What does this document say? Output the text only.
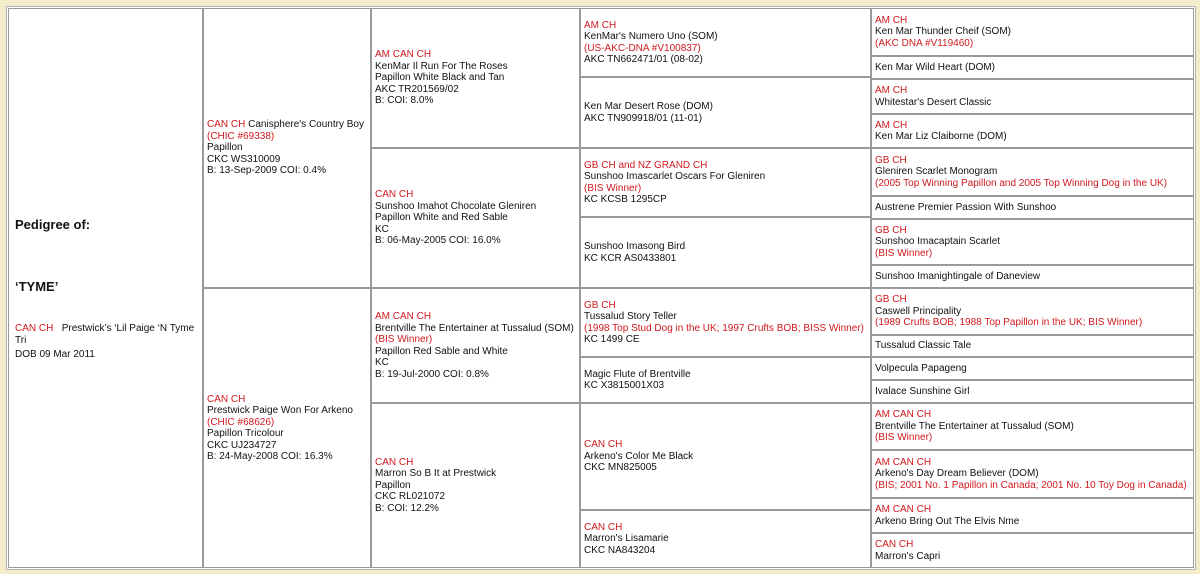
Pedigree of:
‘TYME’
CAN CH Prestwick’s ‘Lil Paige ‘N Tyme
Tri
DOB 09 Mar 2011
CAN CH Canisphere's Country Boy
(CHIC #69338)
Papillon
CKC WS310009
B: 13-Sep-2009 COI: 0.4%
CAN CH
Prestwick Paige Won For Arkeno
(CHIC #68626)
Papillon Tricolour
CKC UJ234727
B: 24-May-2008 COI: 16.3%
AM CAN CH
KenMar Il Run For The Roses
Papillon White Black and Tan
AKC TR201569/02
B: COI: 8.0%
CAN CH
Sunshoo Imahot Chocolate Gleniren
Papillon White and Red Sable
KC
B: 06-May-2005 COI: 16.0%
AM CAN CH
Brentville The Entertainer at Tussalud (SOM)
(BIS Winner)
Papillon Red Sable and White
KC
B: 19-Jul-2000 COI: 0.8%
CAN CH
Marron So B It at Prestwick
Papillon
CKC RL021072
B: COI: 12.2%
AM CH
KenMar's Numero Uno (SOM)
(US-AKC-DNA #V100837)
AKC TN662471/01 (08-02)
Ken Mar Desert Rose (DOM)
AKC TN909918/01 (11-01)
GB CH and NZ GRAND CH
Sunshoo Imascarlet Oscars For Gleniren
(BIS Winner)
KC KCSB 1295CP
Sunshoo Imasong Bird
KC KCR AS0433801
GB CH
Tussalud Story Teller
(1998 Top Stud Dog in the UK; 1997 Crufts BOB; BISS Winner)
KC 1499 CE
Magic Flute of Brentville
KC X3815001X03
CAN CH
Arkeno's Color Me Black
CKC MN825005
CAN CH
Marron's Lisamarie
CKC NA843204
AM CH
Ken Mar Thunder Cheif (SOM)
(AKC DNA #V119460)
Ken Mar Wild Heart (DOM)
AM CH
Whitestar's Desert Classic
AM CH
Ken Mar Liz Claiborne (DOM)
GB CH
Gleniren Scarlet Monogram
(2005 Top Winning Papillon and 2005 Top Winning Dog in the UK)
Austrene Premier Passion With Sunshoo
GB CH
Sunshoo Imacaptain Scarlet
(BIS Winner)
Sunshoo Imanightingale of Daneview
GB CH
Caswell Principality
(1989 Crufts BOB; 1988 Top Papillon in the UK; BIS Winner)
Tussalud Classic Tale
Volpecula Papageng
Ivalace Sunshine Girl
AM CAN CH
Brentville The Entertainer at Tussalud (SOM)
(BIS Winner)
AM CAN CH
Arkeno's Day Dream Believer (DOM)
(BIS; 2001 No. 1 Papillon in Canada; 2001 No. 10 Toy Dog in Canada)
AM CAN CH
Arkeno Bring Out The Elvis Nme
CAN CH
Marron's Capri
